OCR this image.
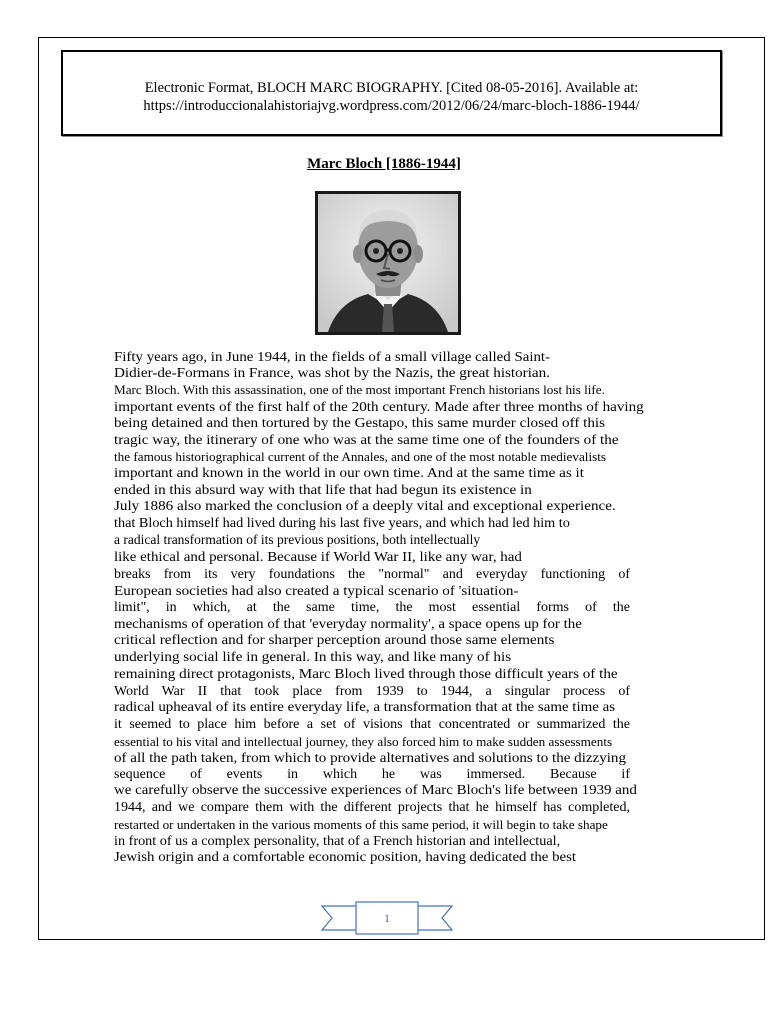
Electronic Format, BLOCH MARC BIOGRAPHY. [Cited 08-05-2016]. Available at:
https://introduccionalahistoriajvg.wordpress.com/2012/06/24/marc-bloch-1886-1944/
Marc Bloch [1886-1944]
Fifty years ago, in June 1944, in the fields of a small village called Saint-
Didier-de-Formans in France, was shot by the Nazis, the great historian.
Marc Bloch. With this assassination, one of the most important French historians lost his life.
important events of the first half of the 20th century. Made after three months of having
being detained and then tortured by the Gestapo, this same murder closed off this
tragic way, the itinerary of one who was at the same time one of the founders of the
the famous historiographical current of the Annales, and one of the most notable medievalists
important and known in the world in our own time. And at the same time as it
ended in this absurd way with that life that had begun its existence in
July 1886 also marked the conclusion of a deeply vital and exceptional experience.
that Bloch himself had lived during his last five years, and which had led him to
a radical transformation of its previous positions, both intellectually
like ethical and personal. Because if World War II, like any war, had
breaks from its very foundations the "normal" and everyday functioning of
European societies had also created a typical scenario of 'situation-
limit", in which, at the same time, the most essential forms of the
mechanisms of operation of that 'everyday normality', a space opens up for the
critical reflection and for sharper perception around those same elements
underlying social life in general. In this way, and like many of his
remaining direct protagonists, Marc Bloch lived through those difficult years of the
World War II that took place from 1939 to 1944, a singular process of
radical upheaval of its entire everyday life, a transformation that at the same time as
it seemed to place him before a set of visions that concentrated or summarized the
essential to his vital and intellectual journey, they also forced him to make sudden assessments
of all the path taken, from which to provide alternatives and solutions to the dizzying
sequence of events in which he was immersed. Because if
we carefully observe the successive experiences of Marc Bloch's life between 1939 and
1944, and we compare them with the different projects that he himself has completed,
restarted or undertaken in the various moments of this same period, it will begin to take shape
in front of us a complex personality, that of a French historian and intellectual,
Jewish origin and a comfortable economic position, having dedicated the best
1
